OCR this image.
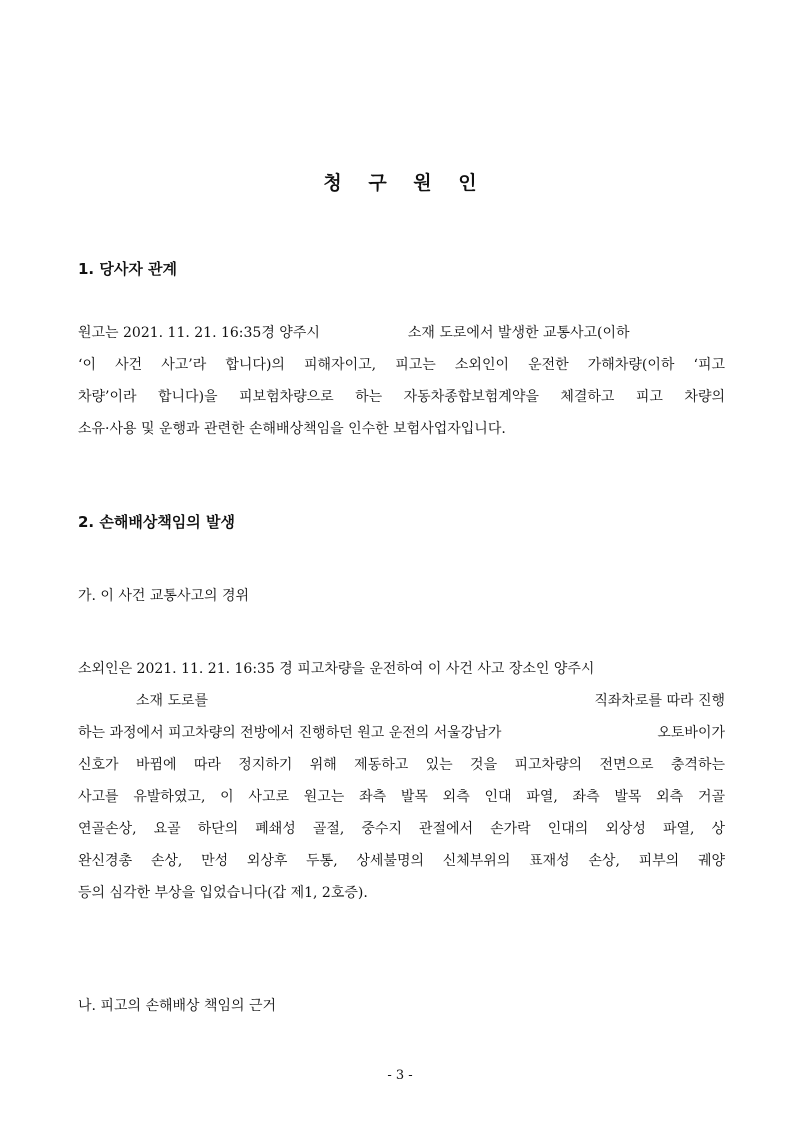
청 구 원 인
1. 당사자 관계
원고는 2021. 11. 21. 16:35경 양주시	소재 도로에서 발생한 교통사고(이하
‘이 사건 사고’라 합니다)의 피해자이고, 피고는 소외인이 운전한 가해차량(이하 ‘피고
차량’이라 합니다)을 피보험차량으로 하는 자동차종합보험계약을 체결하고 피고 차량의
소유·사용 및 운행과 관련한 손해배상책임을 인수한 보험사업자입니다.
2. 손해배상책임의 발생
가. 이 사건 교통사고의 경위
소외인은 2021. 11. 21. 16:35 경 피고차량을 운전하여 이 사건 사고 장소인 양주시
소재 도로를	직좌차로를 따라 진행
하는 과정에서 피고차량의 전방에서 진행하던 원고 운전의 서울강남가	오토바이가
신호가 바뀜에 따라 정지하기 위해 제동하고 있는 것을 피고차량의 전면으로 충격하는
사고를 유발하였고, 이 사고로 원고는 좌측 발목 외측 인대 파열, 좌측 발목 외측 거골
연골손상, 요골 하단의 폐쇄성 골절, 중수지 관절에서 손가락 인대의 외상성 파열, 상
완신경총 손상, 만성 외상후 두통, 상세불명의 신체부위의 표재성 손상, 피부의 궤양
등의 심각한 부상을 입었습니다(갑 제1, 2호증).
나. 피고의 손해배상 책임의 근거
- 3 -
